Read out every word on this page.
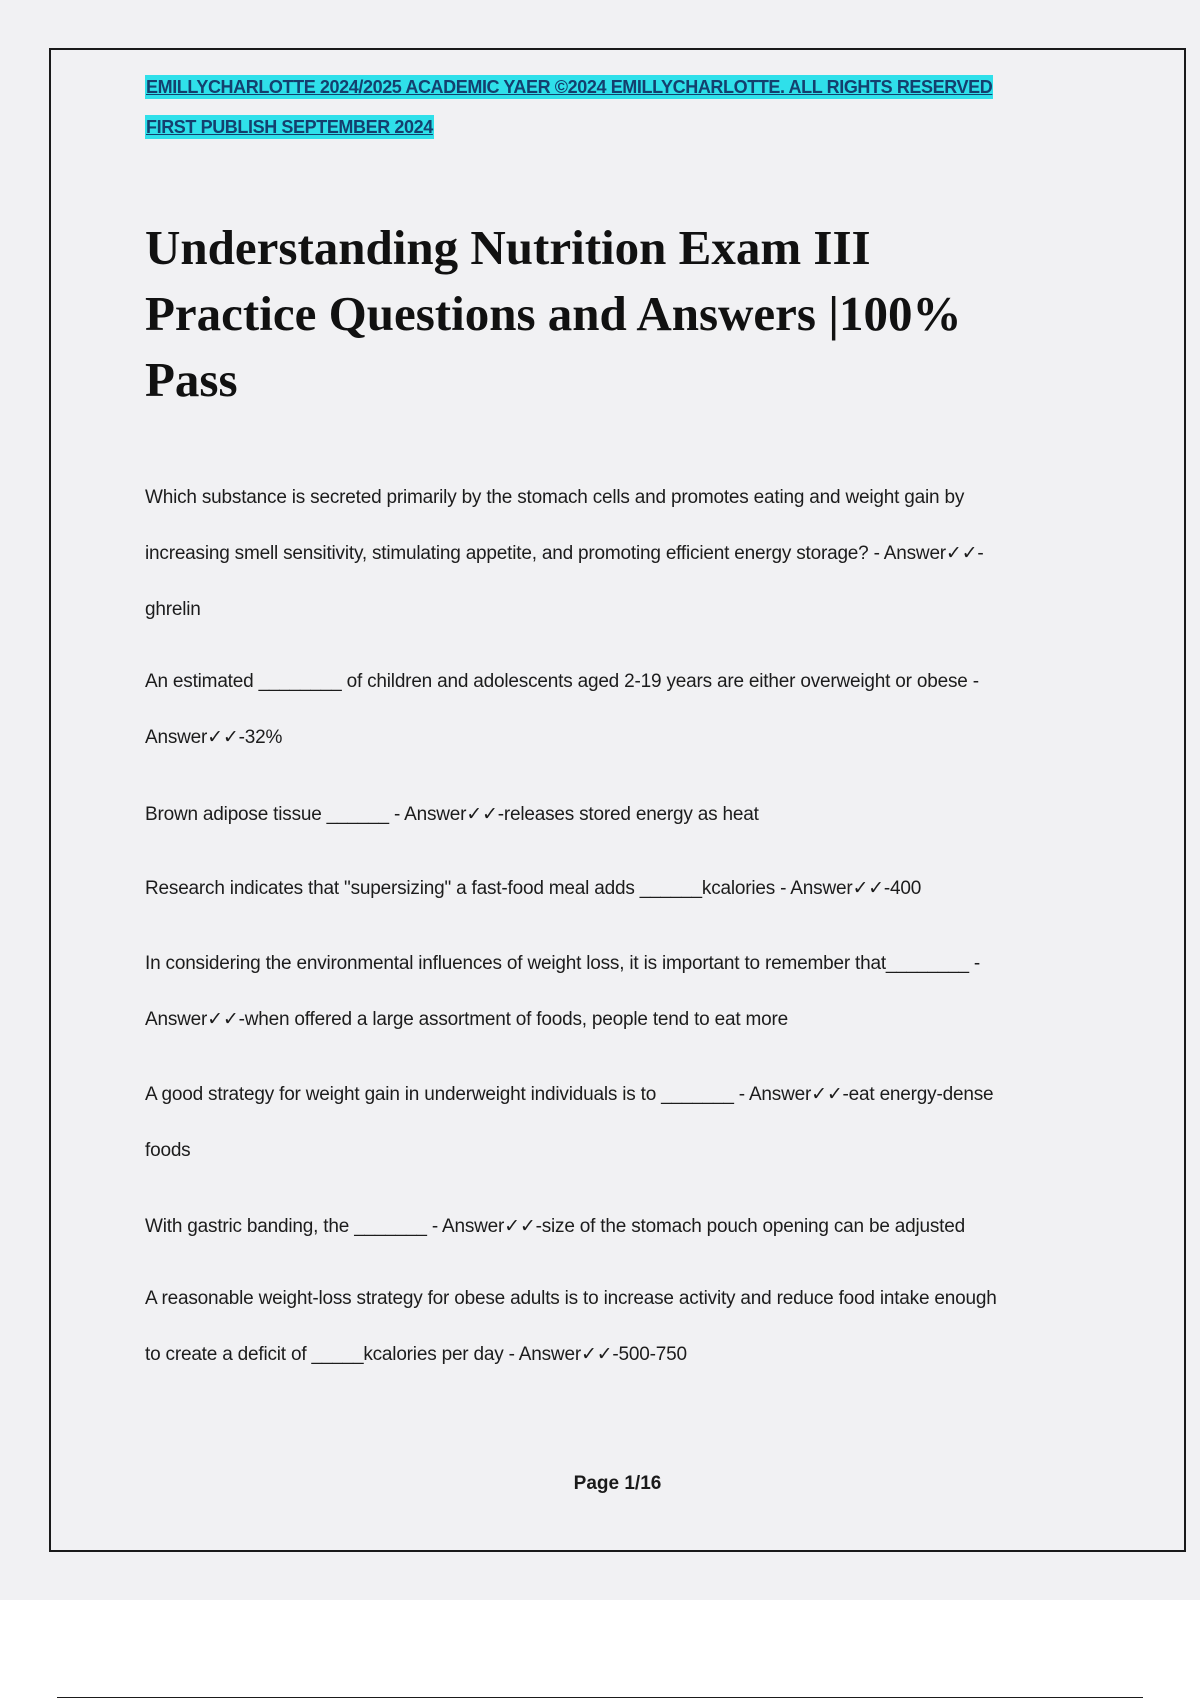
EMILLYCHARLOTTE 2024/2025 ACADEMIC YAER ©2024 EMILLYCHARLOTTE. ALL RIGHTS RESERVED
FIRST PUBLISH SEPTEMBER 2024
Understanding Nutrition Exam III
Practice Questions and Answers |100%
Pass
Which substance is secreted primarily by the stomach cells and promotes eating and weight gain by
increasing smell sensitivity, stimulating appetite, and promoting efficient energy storage? - Answer✓✓-
ghrelin
An estimated ________ of children and adolescents aged 2-19 years are either overweight or obese -
Answer✓✓-32%
Brown adipose tissue ______ - Answer✓✓-releases stored energy as heat
Research indicates that "supersizing" a fast-food meal adds ______kcalories - Answer✓✓-400
In considering the environmental influences of weight loss, it is important to remember that________ -
Answer✓✓-when offered a large assortment of foods, people tend to eat more
A good strategy for weight gain in underweight individuals is to _______ - Answer✓✓-eat energy-dense
foods
With gastric banding, the _______ - Answer✓✓-size of the stomach pouch opening can be adjusted
A reasonable weight-loss strategy for obese adults is to increase activity and reduce food intake enough
to create a deficit of _____kcalories per day - Answer✓✓-500-750
Page 1/16
